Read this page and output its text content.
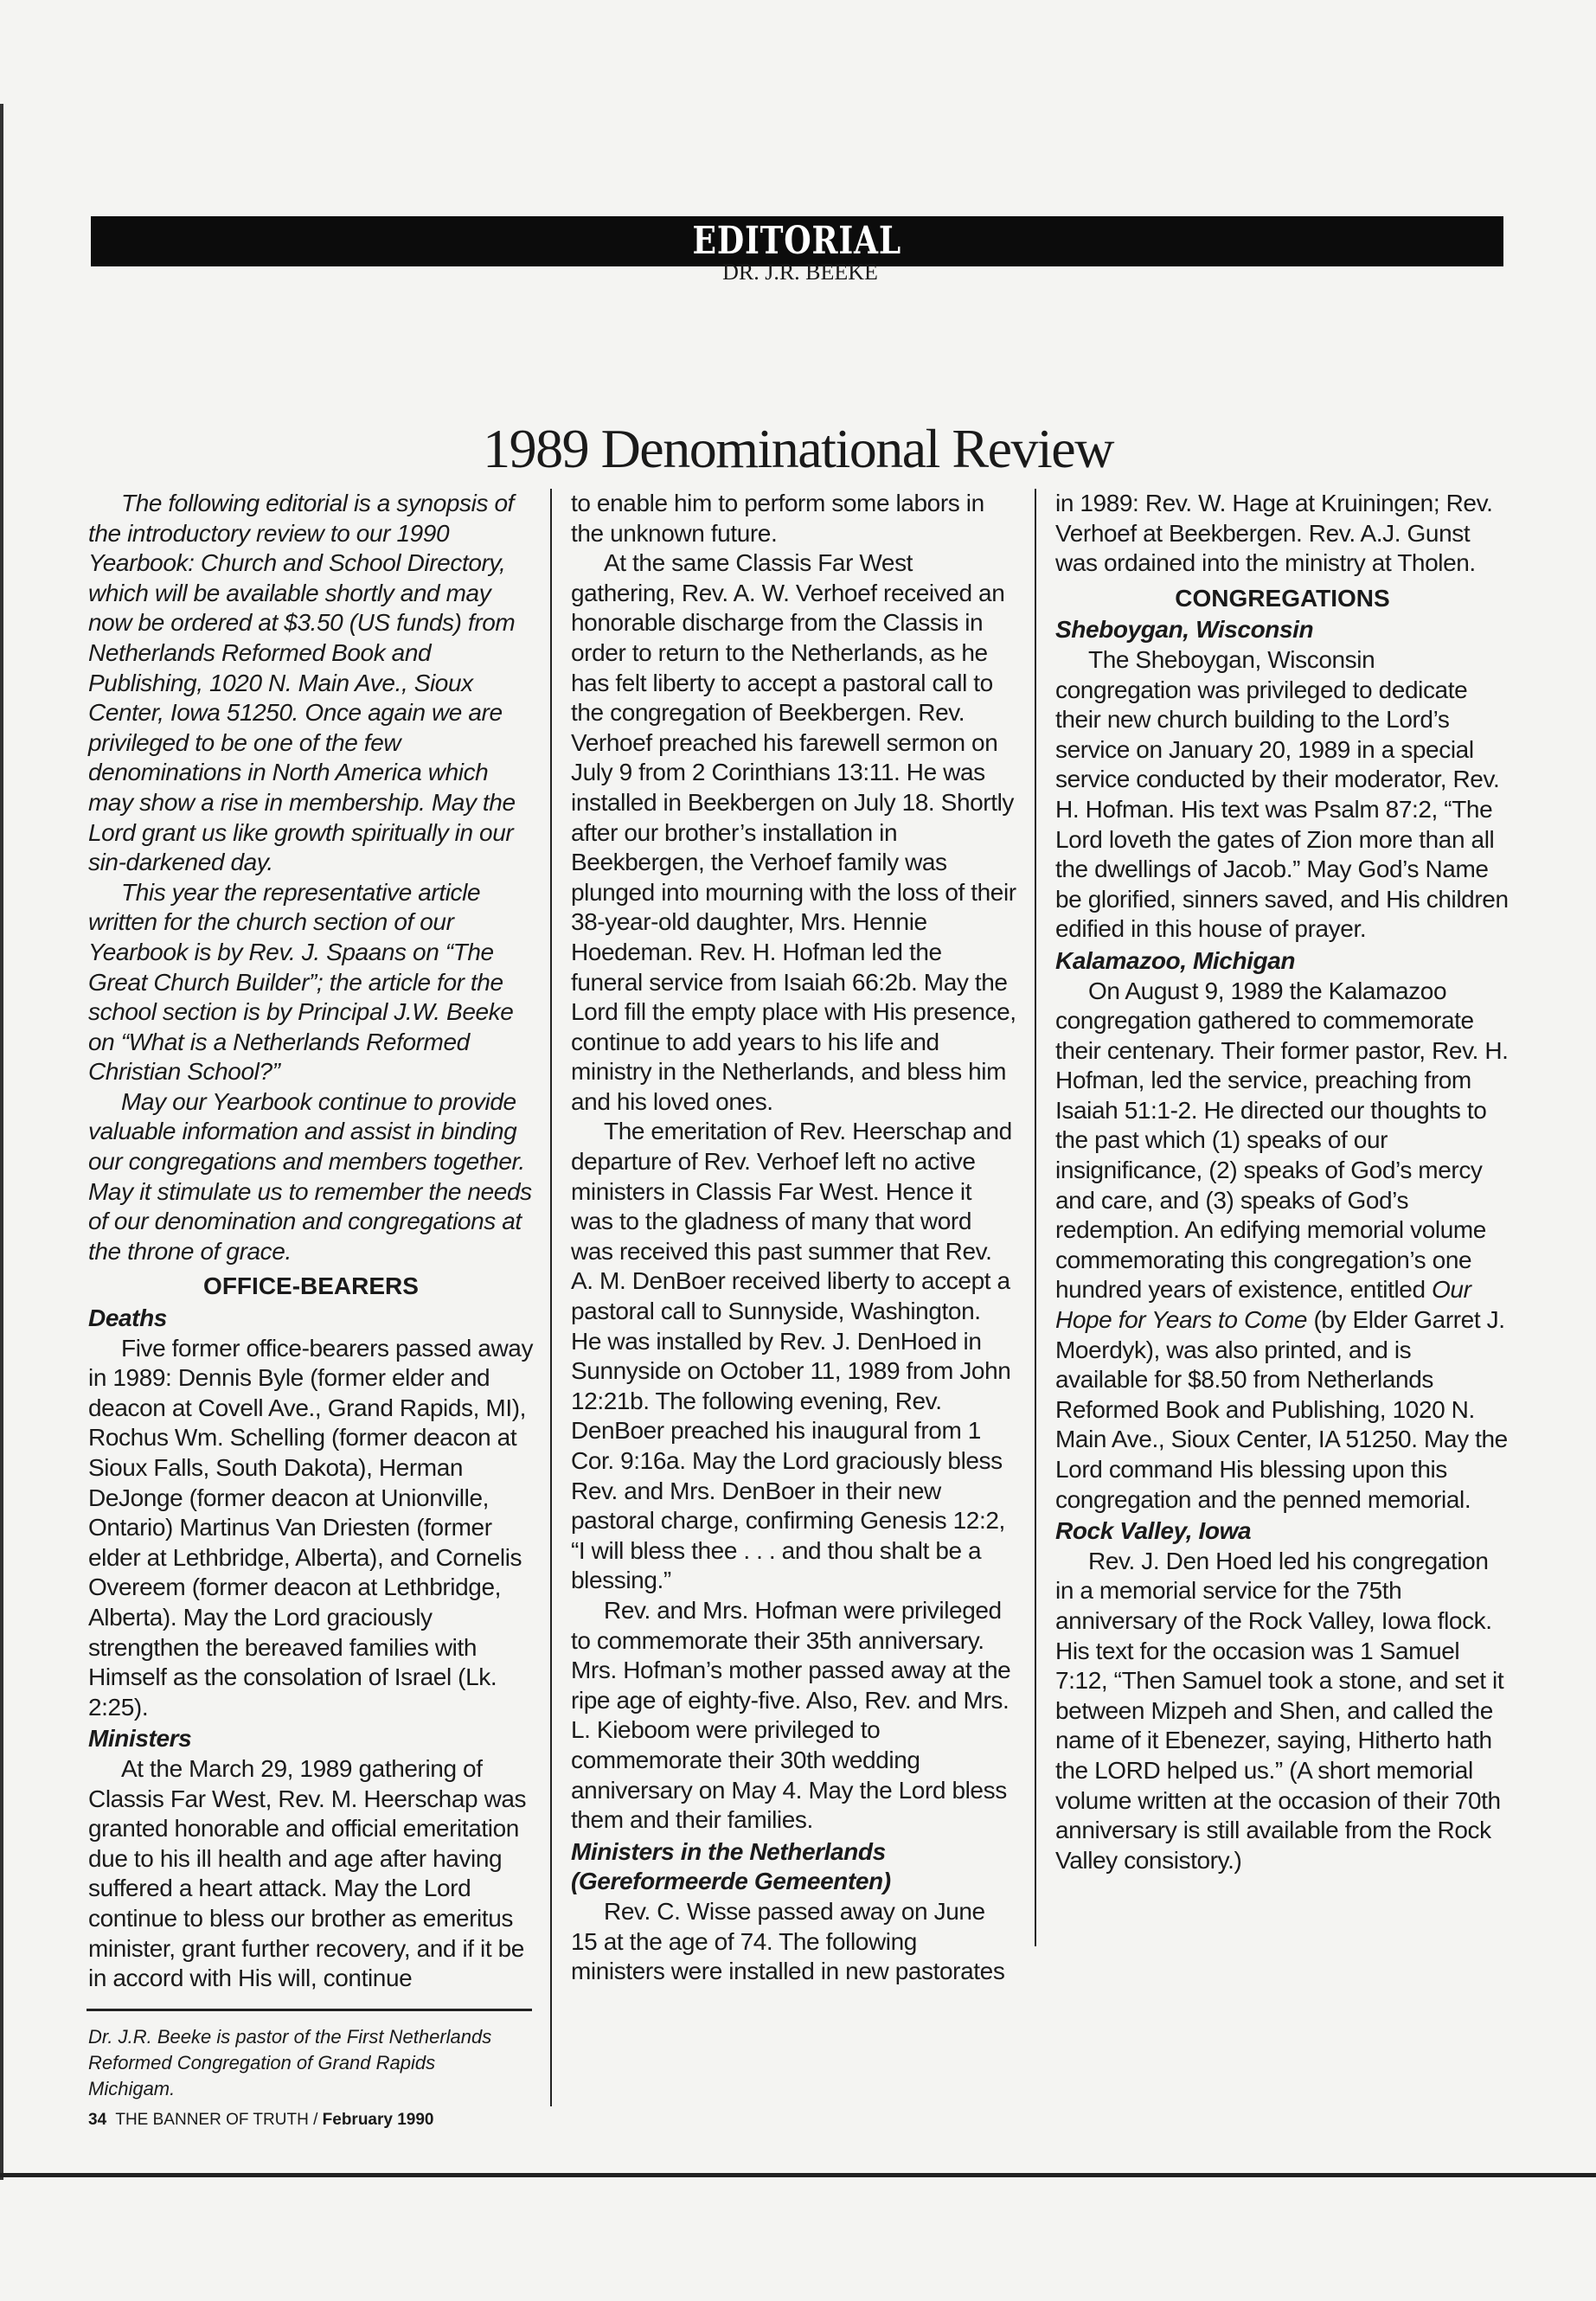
EDITORIAL
DR. J.R. BEEKE
1989 Denominational Review

The following editorial is a synopsis of the introductory review to our 1990 Yearbook: Church and School Directory, which will be available shortly and may now be ordered at $3.50 (US funds) from Netherlands Reformed Book and Publishing, 1020 N. Main Ave., Sioux Center, Iowa 51250. Once again we are privileged to be one of the few denominations in North America which may show a rise in membership. May the Lord grant us like growth spiritually in our sin-darkened day.

This year the representative article written for the church section of our Yearbook is by Rev. J. Spaans on “The Great Church Builder”; the article for the school section is by Principal J.W. Beeke on “What is a Netherlands Reformed Christian School?”

May our Yearbook continue to provide valuable information and assist in binding our congregations and members together. May it stimulate us to remember the needs of our denomination and congregations at the throne of grace.

OFFICE-BEARERS
Deaths

Five former office-bearers passed away in 1989: Dennis Byle (former elder and deacon at Covell Ave., Grand Rapids, MI), Rochus Wm. Schelling (former deacon at Sioux Falls, South Dakota), Herman DeJonge (former deacon at Unionville, Ontario) Martinus Van Driesten (former elder at Lethbridge, Alberta), and Cornelis Overeem (former deacon at Lethbridge, Alberta). May the Lord graciously strengthen the bereaved families with Himself as the consolation of Israel (Lk. 2:25).

Ministers

At the March 29, 1989 gathering of Classis Far West, Rev. M. Heerschap was granted honorable and official emeritation due to his ill health and age after having suffered a heart attack. May the Lord continue to bless our brother as emeritus minister, grant further recovery, and if it be in accord with His will, continue

to enable him to perform some labors in the unknown future.

At the same Classis Far West gathering, Rev. A. W. Verhoef received an honorable discharge from the Classis in order to return to the Netherlands, as he has felt liberty to accept a pastoral call to the congregation of Beekbergen. Rev. Verhoef preached his farewell sermon on July 9 from 2 Corinthians 13:11. He was installed in Beekbergen on July 18. Shortly after our brother’s installation in Beekbergen, the Verhoef family was plunged into mourning with the loss of their 38-year-old daughter, Mrs. Hennie Hoedeman. Rev. H. Hofman led the funeral service from Isaiah 66:2b. May the Lord fill the empty place with His presence, continue to add years to his life and ministry in the Netherlands, and bless him and his loved ones.

The emeritation of Rev. Heerschap and departure of Rev. Verhoef left no active ministers in Classis Far West. Hence it was to the gladness of many that word was received this past summer that Rev. A. M. DenBoer received liberty to accept a pastoral call to Sunnyside, Washington. He was installed by Rev. J. DenHoed in Sunnyside on October 11, 1989 from John 12:21b. The following evening, Rev. DenBoer preached his inaugural from 1 Cor. 9:16a. May the Lord graciously bless Rev. and Mrs. DenBoer in their new pastoral charge, confirming Genesis 12:2, “I will bless thee . . . and thou shalt be a blessing.”

Rev. and Mrs. Hofman were privileged to commemorate their 35th anniversary. Mrs. Hofman’s mother passed away at the ripe age of eighty-five. Also, Rev. and Mrs. L. Kieboom were privileged to commemorate their 30th wedding anniversary on May 4. May the Lord bless them and their families.

Ministers in the Netherlands (Gereformeerde Gemeenten)

Rev. C. Wisse passed away on June 15 at the age of 74. The following ministers were installed in new pastorates

in 1989: Rev. W. Hage at Kruiningen; Rev. Verhoef at Beekbergen. Rev. A.J. Gunst was ordained into the ministry at Tholen.

CONGREGATIONS
Sheboygan, Wisconsin

The Sheboygan, Wisconsin congregation was privileged to dedicate their new church building to the Lord’s service on January 20, 1989 in a special service conducted by their moderator, Rev. H. Hofman. His text was Psalm 87:2, “The Lord loveth the gates of Zion more than all the dwellings of Jacob.” May God’s Name be glorified, sinners saved, and His children edified in this house of prayer.

Kalamazoo, Michigan

On August 9, 1989 the Kalamazoo congregation gathered to commemorate their centenary. Their former pastor, Rev. H. Hofman, led the service, preaching from Isaiah 51:1-2. He directed our thoughts to the past which (1) speaks of our insignificance, (2) speaks of God’s mercy and care, and (3) speaks of God’s redemption. An edifying memorial volume commemorating this congregation’s one hundred years of existence, entitled Our Hope for Years to Come (by Elder Garret J. Moerdyk), was also printed, and is available for $8.50 from Netherlands Reformed Book and Publishing, 1020 N. Main Ave., Sioux Center, IA 51250. May the Lord command His blessing upon this congregation and the penned memorial.

Rock Valley, Iowa

Rev. J. Den Hoed led his congregation in a memorial service for the 75th anniversary of the Rock Valley, Iowa flock. His text for the occasion was 1 Samuel 7:12, “Then Samuel took a stone, and set it between Mizpeh and Shen, and called the name of it Ebenezer, saying, Hitherto hath the LORD helped us.” (A short memorial volume written at the occasion of their 70th anniversary is still available from the Rock Valley consistory.)

Dr. J.R. Beeke is pastor of the First Netherlands Reformed Congregation of Grand Rapids Michigam.
34 THE BANNER OF TRUTH / February 1990
